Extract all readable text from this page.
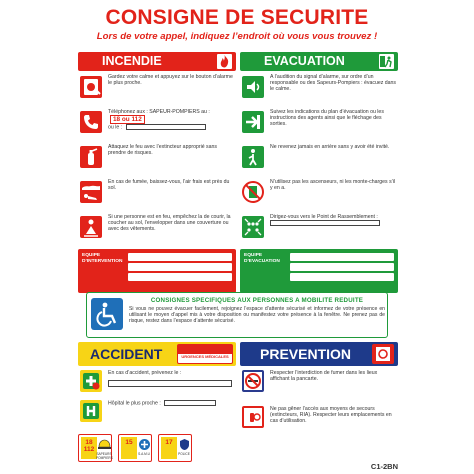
CONSIGNE DE SECURITE
Lors de votre appel, indiquez l’endroit où vous vous trouvez !
INCENDIE
Gardez votre calme et appuyez sur le bouton d’alarme le plus proche.
Téléphonez aux : SAPEUR-POMPIERS au : 18 ou 112
ou le :
Attaquez le feu avec l’extincteur approprié sans prendre de risques.
En cas de fumée, baissez-vous, l’air frais est près du sol.
Si une personne est en feu, empêchez la de courir, la coucher au sol, l’envelopper dans une couverture ou avec des vêtements.
EQUIPE D’INTERVENTION
EVACUATION
A l’audition du signal d’alarme, sur ordre d’un responsable ou des Sapeurs-Pompiers : évacuez dans le calme.
Suivez les indications du plan d’évacuation ou les instructions des agents ainsi que le fléchage des sorties.
Ne revenez jamais en arrière sans y avoir été invité.
N’utilisez pas les ascenseurs, ni les monte-charges s’il y en a.
Dirigez-vous vers le Point de Rassemblement :

EQUIPE D’EVACUATION
CONSIGNES SPECIFIQUES AUX PERSONNES A MOBILITE REDUITE
Si vous ne pouvez évacuer facilement, rejoignez l’espace d’attente sécurisé et informez de votre présence en utilisant le moyen d’appel mis à votre disposition ou manifestez votre présence à la fenêtre. Ne prenez pas de risque, restez dans l’espace d’attente sécurisé.
ACCIDENT	URGENCES MÉDICALES
En cas d’accident, prévenez le :
Hôpital le plus proche :
18
112
SAPEURS POMPIERS
15
S.A.M.U
17
POLICE
PREVENTION
Respecter l’interdiction de fumer dans les lieux affichant la pancarte.
Ne pas gêner l’accès aux moyens de secours (extincteurs, RIA). Respecter leurs emplacements en cas d’utilisation.
C1-2BN
